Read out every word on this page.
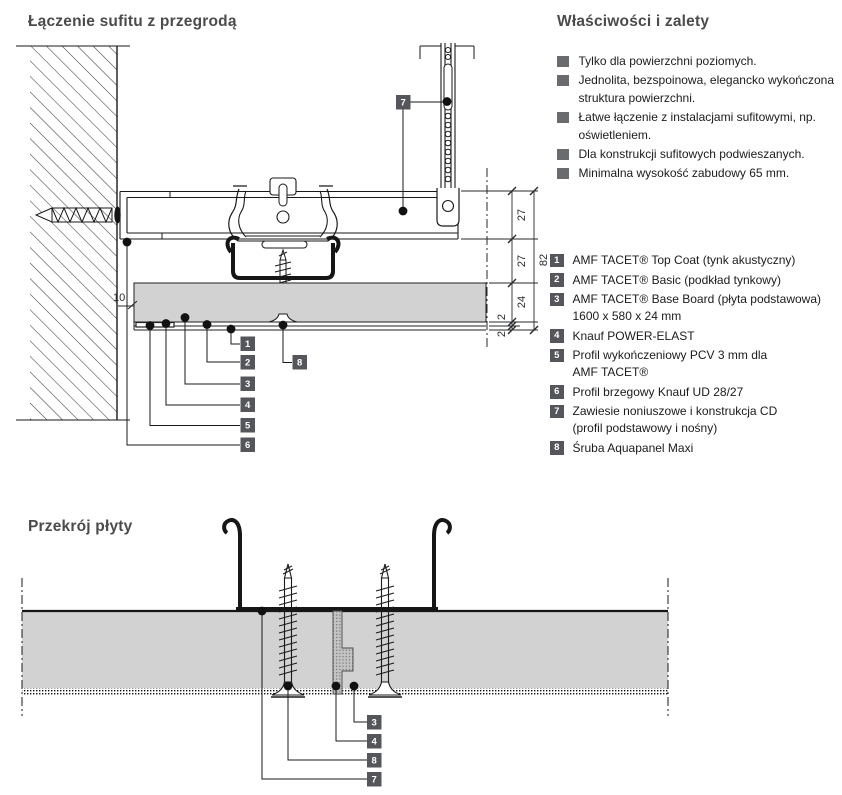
Łączenie sufitu z przegrodą	Właściwości i zalety
Przekrój płyty
Tylko dla powierzchni poziomych.
Jednolita, bezspoinowa, elegancko wykończona
struktura powierzchni.
Łatwe łączenie z instalacjami sufitowymi, np.
oświetleniem.
Dla konstrukcji sufitowych podwieszanych.
Minimalna wysokość zabudowy 65 mm.
1	AMF TACET® Top Coat (tynk akustyczny)
2	AMF TACET® Basic (podkład tynkowy)
3	AMF TACET® Base Board (płyta podstawowa)
1600 x 580 x 24 mm
4	Knauf POWER-ELAST
5	Profil wykończeniowy PCV 3 mm dla
AMF TACET®
6	Profil brzegowy Knauf UD 28/27
7	Zawiesie noniuszowe i konstrukcja CD
(profil podstawowy i nośny)
8	Śruba Aquapanel Maxi
27
27
24
2
2
82
10
7
1
2
3
4
5
6
8
3
4
8
7
